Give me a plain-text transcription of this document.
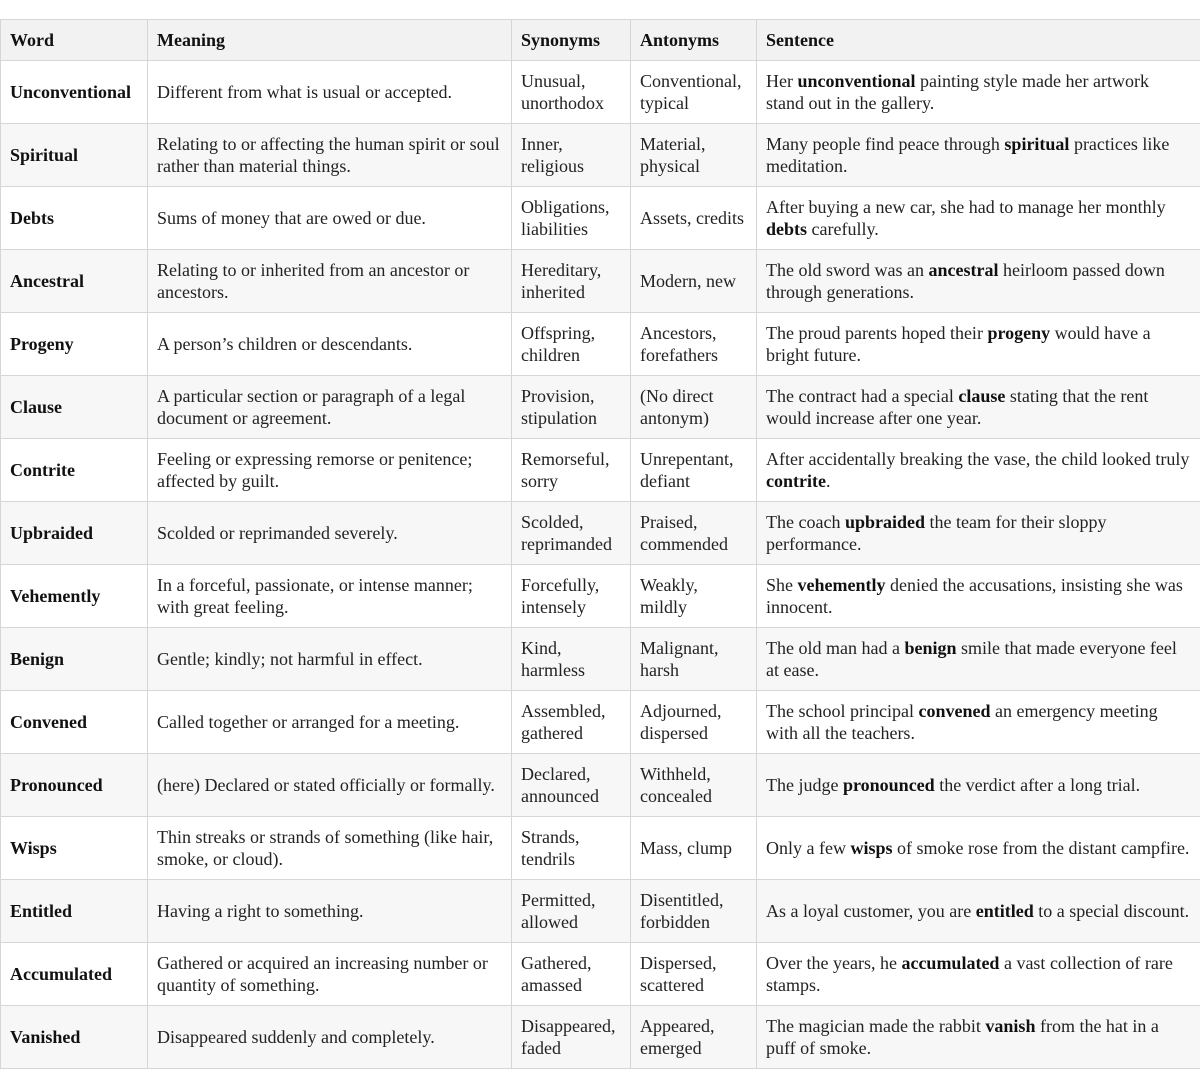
Word	Meaning	Synonyms	Antonyms	Sentence
Unconventional	Different from what is usual or accepted.	Unusual, unorthodox	Conventional, typical	Her unconventional painting style made her artwork stand out in the gallery.
Spiritual	Relating to or affecting the human spirit or soul rather than material things.	Inner, religious	Material, physical	Many people find peace through spiritual practices like meditation.
Debts	Sums of money that are owed or due.	Obligations, liabilities	Assets, credits	After buying a new car, she had to manage her monthly debts carefully.
Ancestral	Relating to or inherited from an ancestor or ancestors.	Hereditary, inherited	Modern, new	The old sword was an ancestral heirloom passed down through generations.
Progeny	A person’s children or descendants.	Offspring, children	Ancestors, forefathers	The proud parents hoped their progeny would have a bright future.
Clause	A particular section or paragraph of a legal document or agreement.	Provision, stipulation	(No direct antonym)	The contract had a special clause stating that the rent would increase after one year.
Contrite	Feeling or expressing remorse or penitence; affected by guilt.	Remorseful, sorry	Unrepentant, defiant	After accidentally breaking the vase, the child looked truly contrite.
Upbraided	Scolded or reprimanded severely.	Scolded, reprimanded	Praised, commended	The coach upbraided the team for their sloppy performance.
Vehemently	In a forceful, passionate, or intense manner; with great feeling.	Forcefully, intensely	Weakly, mildly	She vehemently denied the accusations, insisting she was innocent.
Benign	Gentle; kindly; not harmful in effect.	Kind, harmless	Malignant, harsh	The old man had a benign smile that made everyone feel at ease.
Convened	Called together or arranged for a meeting.	Assembled, gathered	Adjourned, dispersed	The school principal convened an emergency meeting with all the teachers.
Pronounced	(here) Declared or stated officially or formally.	Declared, announced	Withheld, concealed	The judge pronounced the verdict after a long trial.
Wisps	Thin streaks or strands of something (like hair, smoke, or cloud).	Strands, tendrils	Mass, clump	Only a few wisps of smoke rose from the distant campfire.
Entitled	Having a right to something.	Permitted, allowed	Disentitled, forbidden	As a loyal customer, you are entitled to a special discount.
Accumulated	Gathered or acquired an increasing number or quantity of something.	Gathered, amassed	Dispersed, scattered	Over the years, he accumulated a vast collection of rare stamps.
Vanished	Disappeared suddenly and completely.	Disappeared, faded	Appeared, emerged	The magician made the rabbit vanish from the hat in a puff of smoke.
